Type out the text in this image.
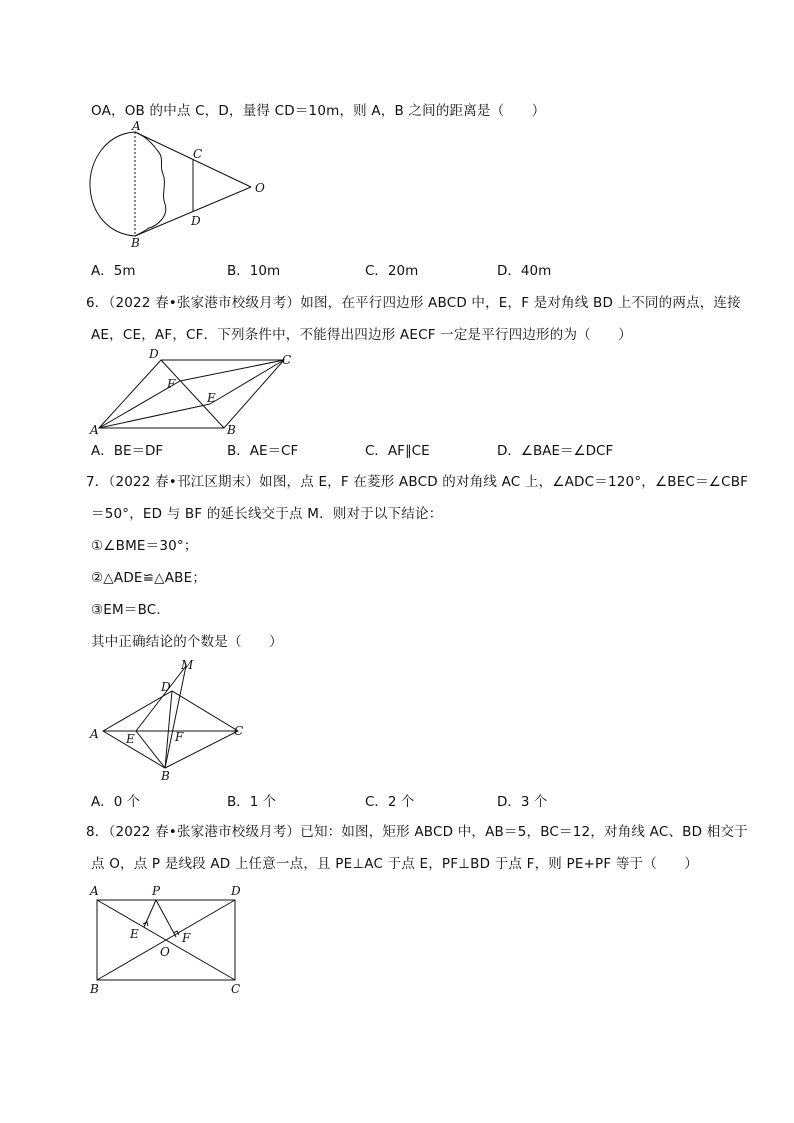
OA，OB 的中点 C，D，量得 CD＝10m，则 A，B 之间的距离是（　　）
A
B
C
D
O
A．5m	B．10m	C．20m	D．40m
6．（2022 春•张家港市校级月考）如图，在平行四边形 ABCD 中，E，F 是对角线 BD 上不同的两点，连接
AE，CE，AF，CF．下列条件中，不能得出四边形 AECF 一定是平行四边形的为（　　）
D	C
F
E
A	B
A．BE＝DF	B．AE＝CF	C．AF∥CE	D．∠BAE＝∠DCF
7．（2022 春•邗江区期末）如图，点 E，F 在菱形 ABCD 的对角线 AC 上，∠ADC＝120°，∠BEC＝∠CBF
＝50°，ED 与 BF 的延长线交于点 M．则对于以下结论：
①∠BME＝30°；
②△ADE≌△ABE；
③EM＝BC．
其中正确结论的个数是（　　）
M
D
A E	F	C
B
A．0 个	B．1 个	C．2 个	D．3 个
8．（2022 春•张家港市校级月考）已知：如图，矩形 ABCD 中，AB＝5，BC＝12，对角线 AC、BD 相交于
点 O，点 P 是线段 AD 上任意一点，且 PE⊥AC 于点 E，PF⊥BD 于点 F，则 PE+PF 等于（　　）
A	P	D
E	F
O
B	C
